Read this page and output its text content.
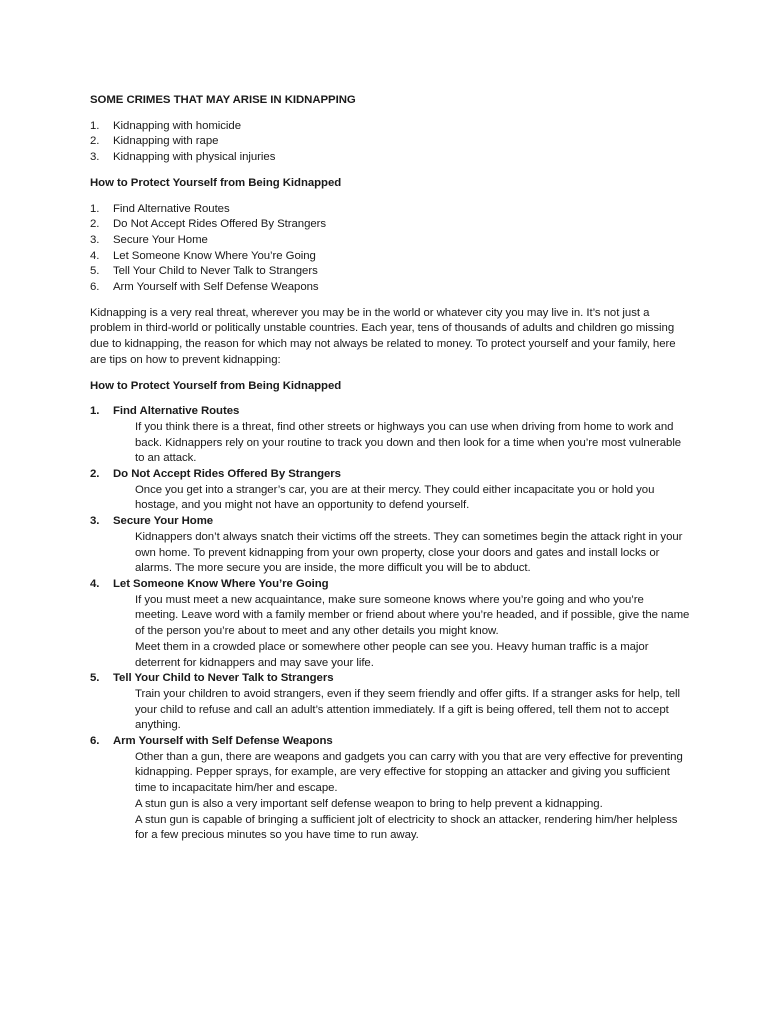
SOME CRIMES THAT MAY ARISE IN KIDNAPPING
1.	Kidnapping with homicide
2.	Kidnapping with rape
3.	Kidnapping with physical injuries
How to Protect Yourself from Being Kidnapped
1.	Find Alternative Routes
2.	Do Not Accept Rides Offered By Strangers
3.	Secure Your Home
4.	Let Someone Know Where You’re Going
5.	Tell Your Child to Never Talk to Strangers
6.	Arm Yourself with Self Defense Weapons

Kidnapping is a very real threat, wherever you may be in the world or whatever city you may live in. It’s not just a problem in third-world or politically unstable countries. Each year, tens of thousands of adults and children go missing due to kidnapping, the reason for which may not always be related to money. To protect yourself and your family, here are tips on how to prevent kidnapping:

How to Protect Yourself from Being Kidnapped
1.	Find Alternative Routes

If you think there is a threat, find other streets or highways you can use when driving from home to work and back. Kidnappers rely on your routine to track you down and then look for a time when you’re most vulnerable to an attack.

2.	Do Not Accept Rides Offered By Strangers

Once you get into a stranger’s car, you are at their mercy. They could either incapacitate you or hold you hostage, and you might not have an opportunity to defend yourself.

3.	Secure Your Home

Kidnappers don’t always snatch their victims off the streets. They can sometimes begin the attack right in your own home. To prevent kidnapping from your own property, close your doors and gates and install locks or alarms. The more secure you are inside, the more difficult you will be to abduct.

4.	Let Someone Know Where You’re Going

If you must meet a new acquaintance, make sure someone knows where you’re going and who you’re meeting. Leave word with a family member or friend about where you’re headed, and if possible, give the name of the person you’re about to meet and any other details you might know.

Meet them in a crowded place or somewhere other people can see you. Heavy human traffic is a major deterrent for kidnappers and may save your life.

5.	Tell Your Child to Never Talk to Strangers

Train your children to avoid strangers, even if they seem friendly and offer gifts. If a stranger asks for help, tell your child to refuse and call an adult’s attention immediately. If a gift is being offered, tell them not to accept anything.

6.	Arm Yourself with Self Defense Weapons

Other than a gun, there are weapons and gadgets you can carry with you that are very effective for preventing kidnapping. Pepper sprays, for example, are very effective for stopping an attacker and giving you sufficient time to incapacitate him/her and escape.

A stun gun is also a very important self defense weapon to bring to help prevent a kidnapping.

A stun gun is capable of bringing a sufficient jolt of electricity to shock an attacker, rendering him/her helpless for a few precious minutes so you have time to run away.
